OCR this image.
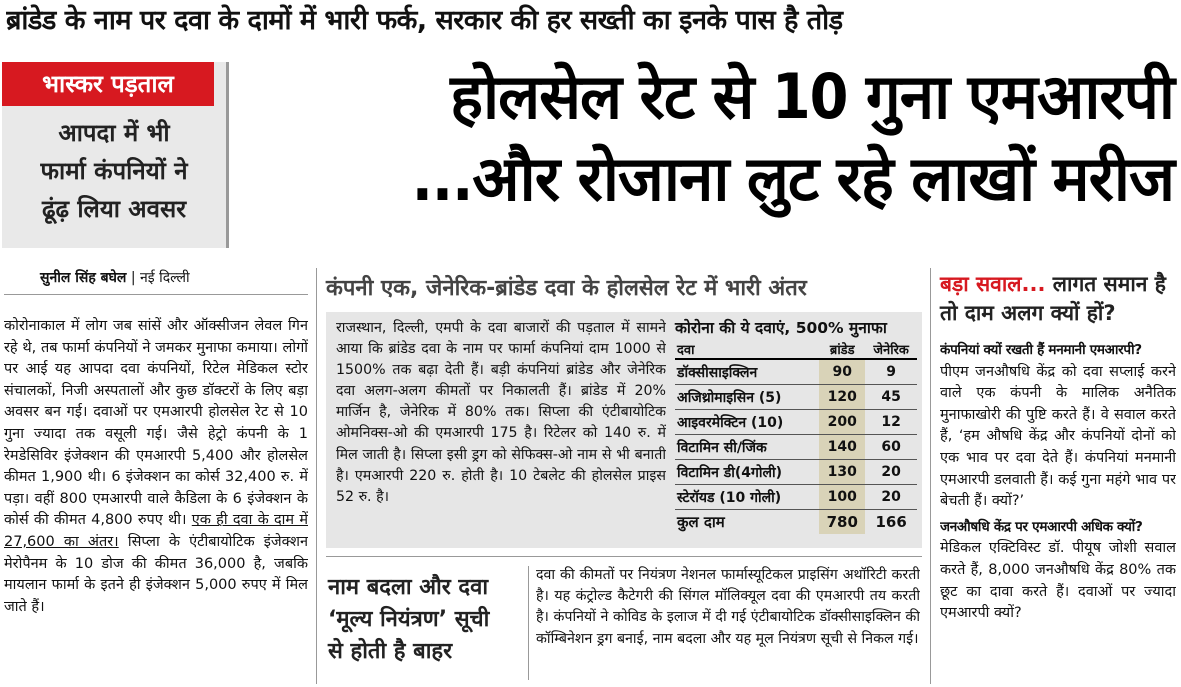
ब्रांडेड के नाम पर दवा के दामों में भारी फर्क, सरकार की हर सख्ती का इनके पास है तोड़
भास्कर पड़ताल
आपदा में भी
फार्मा कंपनियों ने
ढूंढ़ लिया अवसर
होलसेल रेट से 10 गुना एमआरपी
...और रोजाना लुट रहे लाखों मरीज
सुनील सिंह बघेल | नई दिल्ली
कोरोनाकाल में लोग जब सांसें और ऑक्सीजन लेवल गिन रहे थे, तब फार्मा कंपनियों ने जमकर मुनाफा कमाया। लोगों पर आई यह आपदा दवा कंपनियों, रिटेल मेडिकल स्टोर संचालकों, निजी अस्पतालों और कुछ डॉक्टरों के लिए बड़ा अवसर बन गई। दवाओं पर एमआरपी होलसेल रेट से 10 गुना ज्यादा तक वसूली गई। जैसे हेट्रो कंपनी के 1 रेमडेसिविर इंजेक्शन की एमआरपी 5,400 और होलसेल कीमत 1,900 थी। 6 इंजेक्शन का कोर्स 32,400 रु. में पड़ा। वहीं 800 एमआरपी वाले कैडिला के 6 इंजेक्शन के कोर्स की कीमत 4,800 रुपए थी। एक ही दवा के दाम में 27,600 का अंतर। सिप्ला के एंटीबायोटिक इंजेक्शन मेरोपैनम के 10 डोज की कीमत 36,000 है, जबकि मायलान फार्मा के इतने ही इंजेक्शन 5,000 रुपए में मिल जाते हैं।
कंपनी एक, जेनेरिक-ब्रांडेड दवा के होलसेल रेट में भारी अंतर
राजस्थान, दिल्ली, एमपी के दवा बाजारों की पड़ताल में सामने आया कि ब्रांडेड दवा के नाम पर फार्मा कंपनियां दाम 1000 से 1500% तक बढ़ा देती हैं। बड़ी कंपनियां ब्रांडेड और जेनेरिक दवा अलग-अलग कीमतों पर निकालती हैं। ब्रांडेड में 20% मार्जिन है, जेनेरिक में 80% तक। सिप्ला की एंटीबायोटिक ओमनिक्स-ओ की एमआरपी 175 है। रिटेलर को 140 रु. में मिल जाती है। सिप्ला इसी ड्रग को सेफिक्स-ओ नाम से भी बनाती है। एमआरपी 220 रु. होती है। 10 टेबलेट की होलसेल प्राइस 52 रु. है।
कोरोना की ये दवाएं, 500% मुनाफा
दवा	ब्रांडेड	जेनेरिक
डॉक्सीसाइक्लिन	90	9
अजिथ्रोमाइसिन (5)	120	45
आइवरमेक्टिन (10)	200	12
विटामिन सी/जिंक	140	60
विटामिन डी(4गोली)	130	20
स्टेरॉयड (10 गोली)	100	20
कुल दाम	780	166
नाम बदला और दवा
‘मूल्य नियंत्रण’ सूची
से होती है बाहर
दवा की कीमतों पर नियंत्रण नेशनल फार्मास्यूटिकल प्राइसिंग अथॉरिटी करती है। यह कंट्रोल्ड कैटेगरी की सिंगल मॉलिक्यूल दवा की एमआरपी तय करती है। कंपनियों ने कोविड के इलाज में दी गई एंटीबायोटिक डॉक्सीसाइक्लिन की कॉम्बिनेशन ड्रग बनाई, नाम बदला और यह मूल नियंत्रण सूची से निकल गई।
बड़ा सवाल... लागत समान है तो दाम अलग क्यों हों?

कंपनियां क्यों रखती हैं मनमानी एमआरपी?

पीएम जनऔषधि केंद्र को दवा सप्लाई करने वाले एक कंपनी के मालिक अनैतिक मुनाफाखोरी की पुष्टि करते हैं। वे सवाल करते हैं, ‘हम औषधि केंद्र और कंपनियों दोनों को एक भाव पर दवा देते हैं। कंपनियां मनमानी एमआरपी डलवाती हैं। कई गुना महंगे भाव पर बेचती हैं। क्यों?’

जनऔषधि केंद्र पर एमआरपी अधिक क्यों?

मेडिकल एक्टिविस्ट डॉ. पीयूष जोशी सवाल करते हैं, 8,000 जनऔषधि केंद्र 80% तक छूट का दावा करते हैं। दवाओं पर ज्यादा एमआरपी क्यों?
